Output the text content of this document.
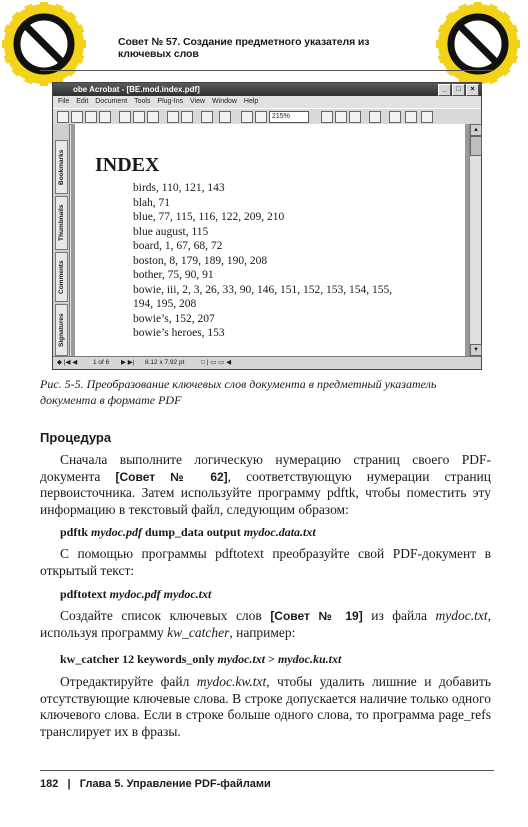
Совет № 57. Создание предметного указателя из ключевых слов
obe Acrobat - [BE.mod.index.pdf]	_ □ ×
File Edit Document Tools Plug-Ins View Window Help
215%
Bookmarks
Thumbnails
Comments
Signatures
INDEX
birds, 110, 121, 143
blah, 71
blue, 77, 115, 116, 122, 209, 210
blue august, 115
board, 1, 67, 68, 72
boston, 8, 179, 189, 190, 208
bother, 75, 90, 91
bowie, iii, 2, 3, 26, 33, 90, 146, 151, 152, 153, 154, 155,
194, 195, 208
bowie’s, 152, 207
bowie’s heroes, 153
▲
▼
◆ |◀ ◀ 1 of 6 ▶ ▶| 8.12 x 7.92 pt	□ | ▭ ▭ ◀
Рис. 5-5. Преобразование ключевых слов документа в предметный указатель документа в формате PDF
Процедура

Сначала выполните логическую нумерацию страниц своего PDF-документа [Совет № 62], соответствующую нумерации страниц первоисточника. Затем используйте программу pdftk, чтобы поместить эту информацию в текстовый файл, следующим образом:

pdftk mydoc.pdf dump_data output mydoc.data.txt

С помощью программы pdftotext преобразуйте свой PDF-документ в открытый текст:

pdftotext mydoc.pdf mydoc.txt

Создайте список ключевых слов [Совет № 19] из файла mydoc.txt, используя программу kw_catcher, например:

kw_catcher 12 keywords_only mydoc.txt > mydoc.ku.txt

Отредактируйте файл mydoc.kw.txt, чтобы удалить лишние и добавить отсутствующие ключевые слова. В строке допускается наличие только одного ключевого слова. Если в строке больше одного слова, то программа page_refs транслирует их в фразы.

182   |   Глава 5. Управление PDF-файлами
